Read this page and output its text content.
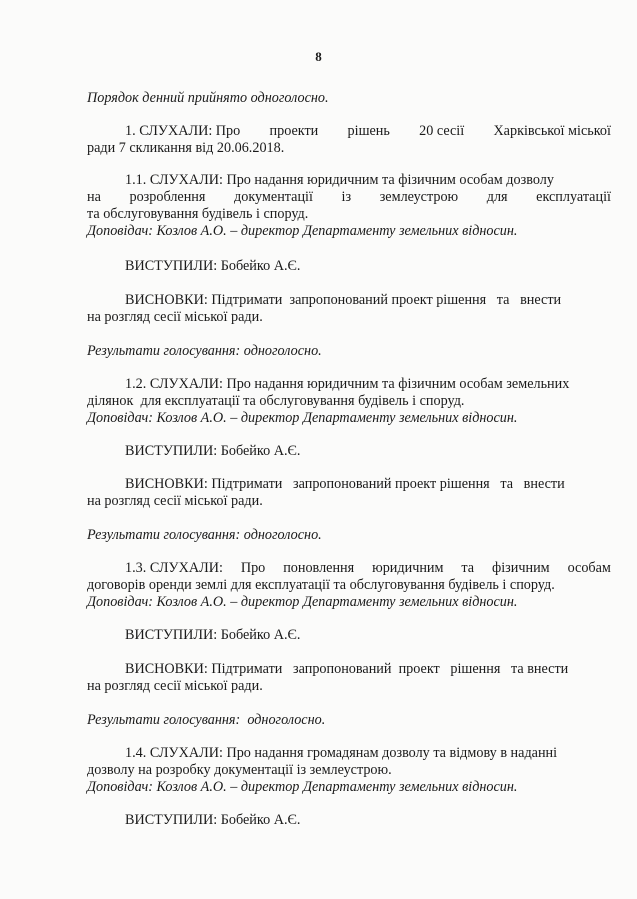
8
Порядок денний прийнято одноголосно.
1. СЛУХАЛИ: Про проекти рішень 20 сесії Харківської міської
ради 7 скликання від 20.06.2018.
1.1. СЛУХАЛИ: Про надання юридичним та фізичним особам дозволу
на розроблення документації із землеустрою для експлуатації
та обслуговування будівель і споруд.
Доповідач: Козлов А.О. – директор Департаменту земельних відносин.
ВИСТУПИЛИ: Бобейко А.Є.
ВИСНОВКИ: Підтримати  запропонований проект рішення   та   внести
на розгляд сесії міської ради.
Результати голосування: одноголосно.
1.2. СЛУХАЛИ: Про надання юридичним та фізичним особам земельних
ділянок  для експлуатації та обслуговування будівель і споруд.
Доповідач: Козлов А.О. – директор Департаменту земельних відносин.
ВИСТУПИЛИ: Бобейко А.Є.
ВИСНОВКИ: Підтримати   запропонований проект рішення   та   внести
на розгляд сесії міської ради.
Результати голосування: одноголосно.
1.3. СЛУХАЛИ: Про поновлення юридичним та фізичним особам
договорів оренди землі для експлуатації та обслуговування будівель і споруд.
Доповідач: Козлов А.О. – директор Департаменту земельних відносин.
ВИСТУПИЛИ: Бобейко А.Є.
ВИСНОВКИ: Підтримати   запропонований  проект   рішення   та внести
на розгляд сесії міської ради.
Результати голосування:  одноголосно.
1.4. СЛУХАЛИ: Про надання громадянам дозволу та відмову в наданні
дозволу на розробку документації із землеустрою.
Доповідач: Козлов А.О. – директор Департаменту земельних відносин.
ВИСТУПИЛИ: Бобейко А.Є.
